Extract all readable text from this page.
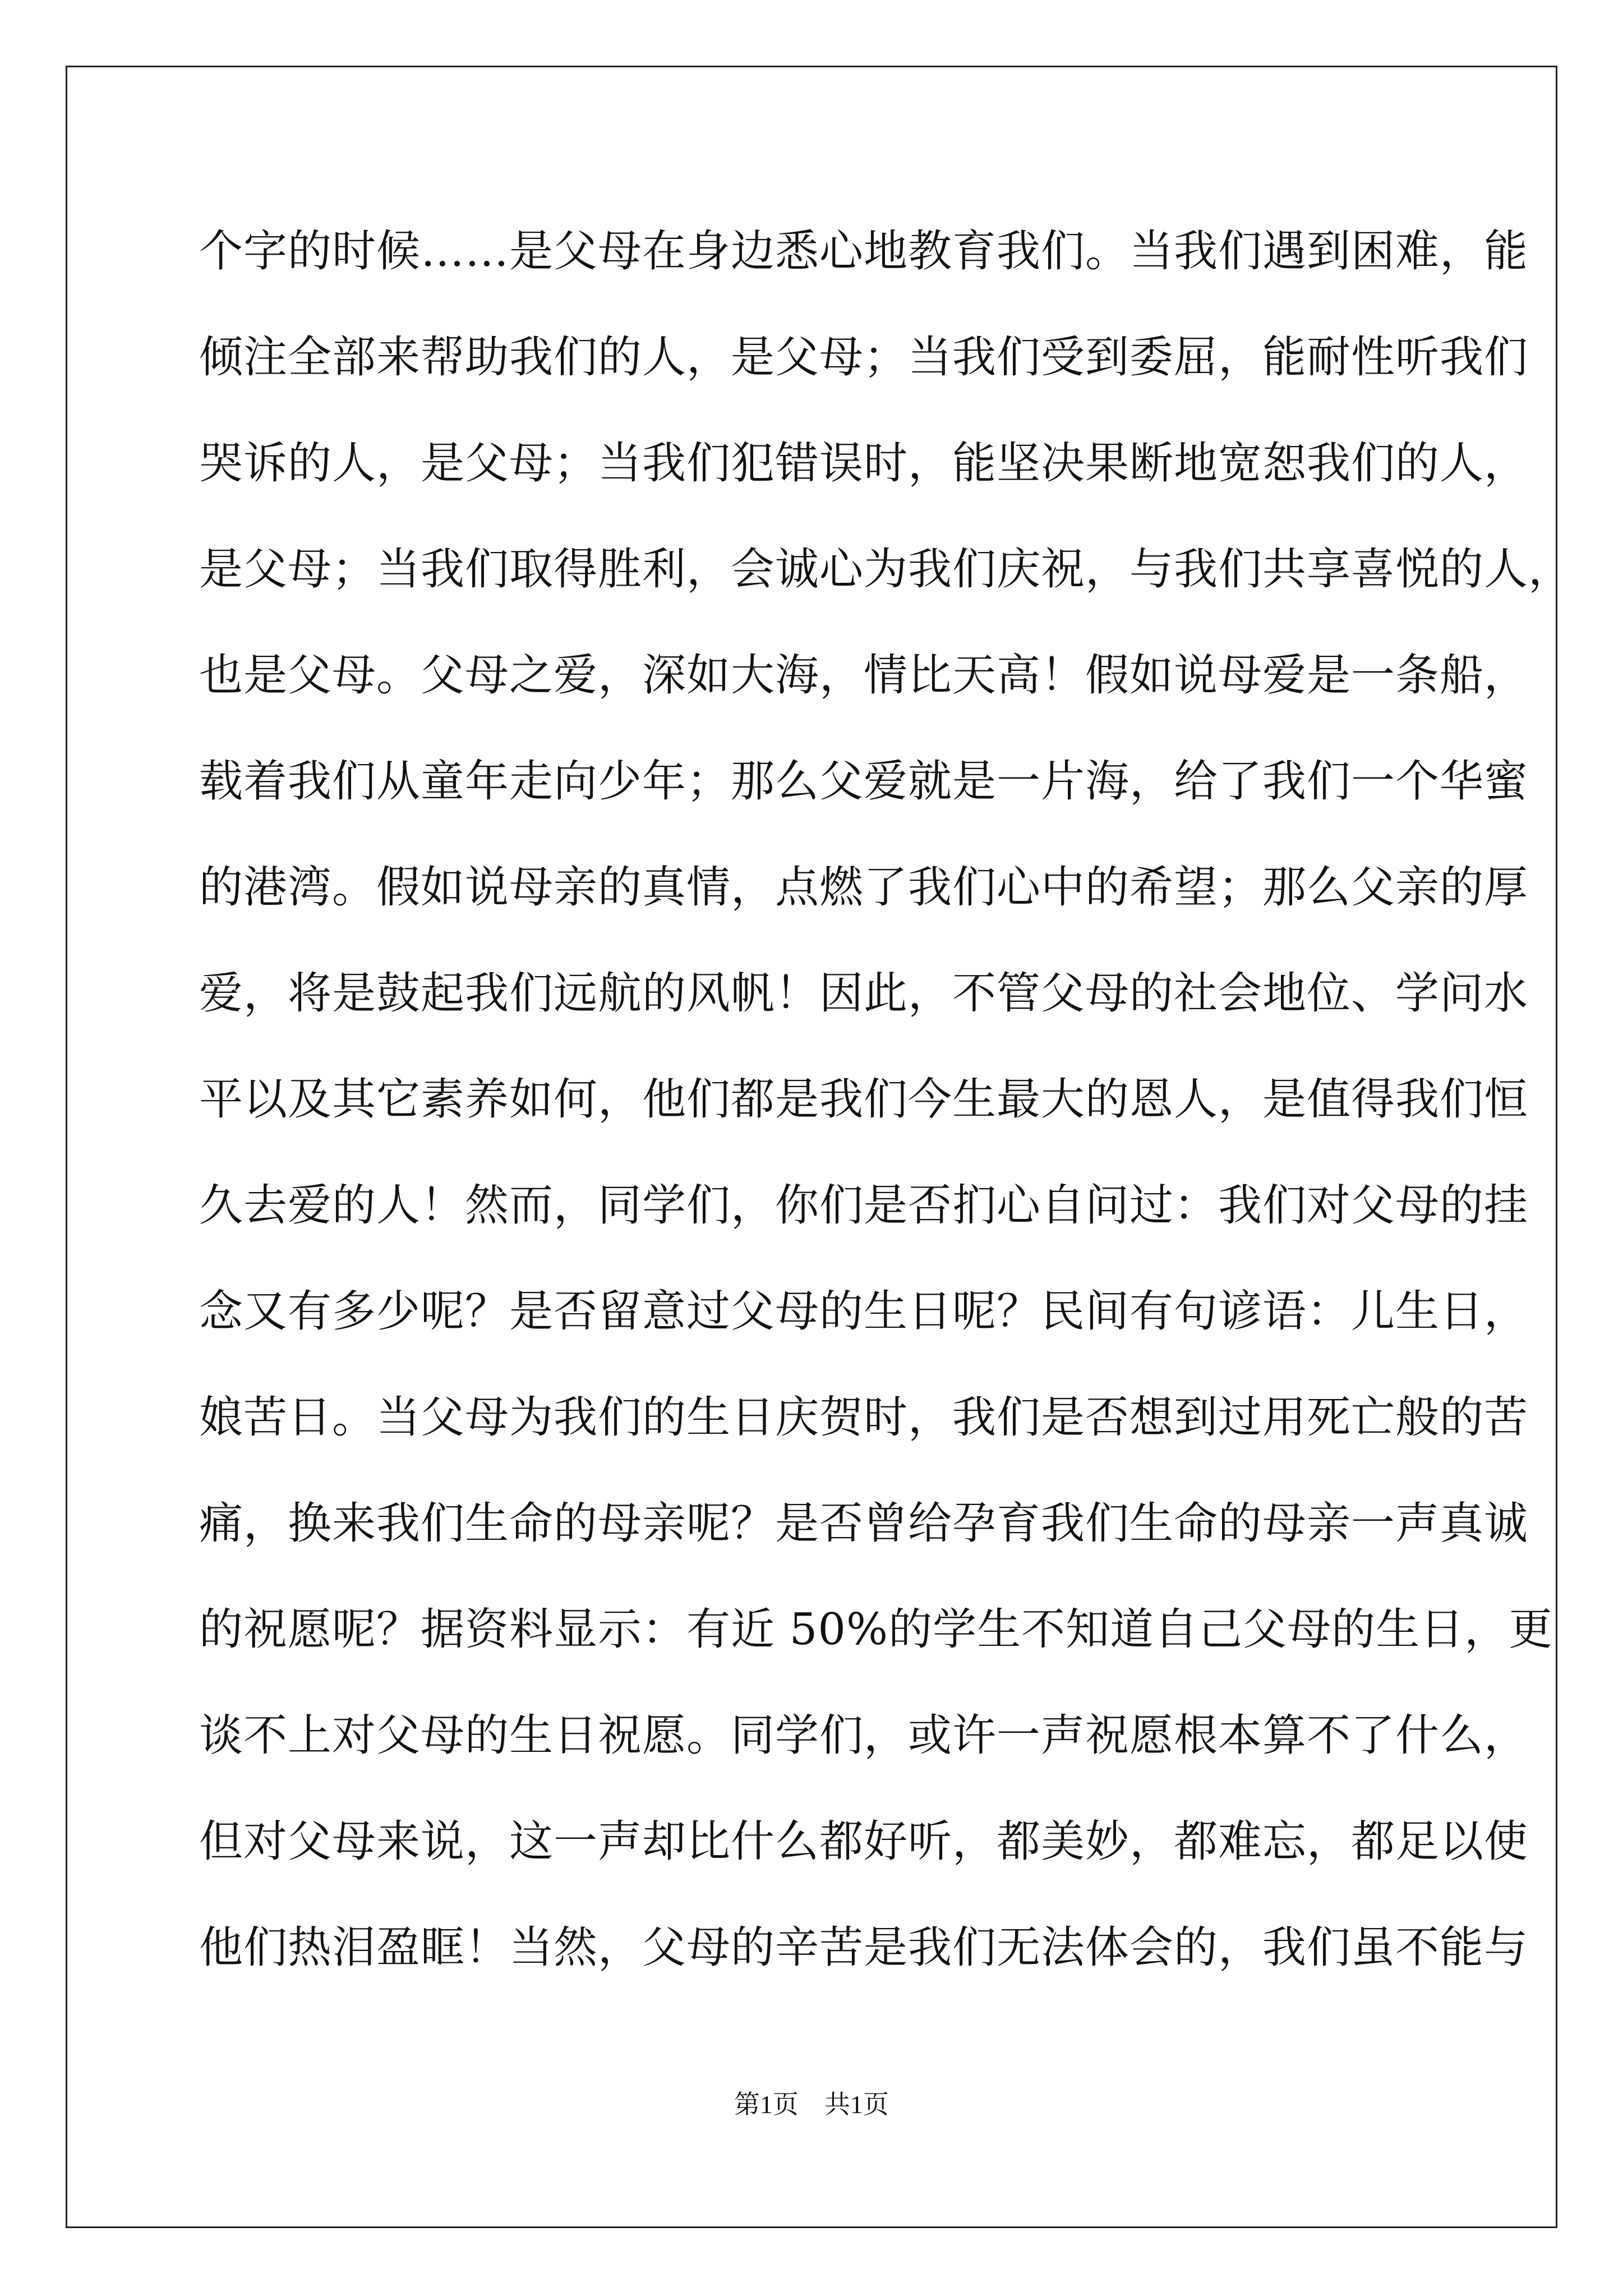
个字的时候……是父母在身边悉心地教育我们。当我们遇到困难，能
倾注全部来帮助我们的人，是父母；当我们受到委屈，能耐性听我们
哭诉的人，是父母；当我们犯错误时，能坚决果断地宽恕我们的人，
是父母；当我们取得胜利，会诚心为我们庆祝，与我们共享喜悦的人，
也是父母。父母之爱，深如大海，情比天高！假如说母爱是一条船，
载着我们从童年走向少年；那么父爱就是一片海，给了我们一个华蜜
的港湾。假如说母亲的真情，点燃了我们心中的希望；那么父亲的厚
爱，将是鼓起我们远航的风帆！因此，不管父母的社会地位、学问水
平以及其它素养如何，他们都是我们今生最大的恩人，是值得我们恒
久去爱的人！然而，同学们，你们是否扪心自问过：我们对父母的挂
念又有多少呢？是否留意过父母的生日呢？民间有句谚语：儿生日，
娘苦日。当父母为我们的生日庆贺时，我们是否想到过用死亡般的苦
痛，换来我们生命的母亲呢？是否曾给孕育我们生命的母亲一声真诚
的祝愿呢？据资料显示：有近 50%的学生不知道自己父母的生日，更
谈不上对父母的生日祝愿。同学们，或许一声祝愿根本算不了什么，
但对父母来说，这一声却比什么都好听，都美妙，都难忘，都足以使
他们热泪盈眶！当然，父母的辛苦是我们无法体会的，我们虽不能与
第1页　共1页
